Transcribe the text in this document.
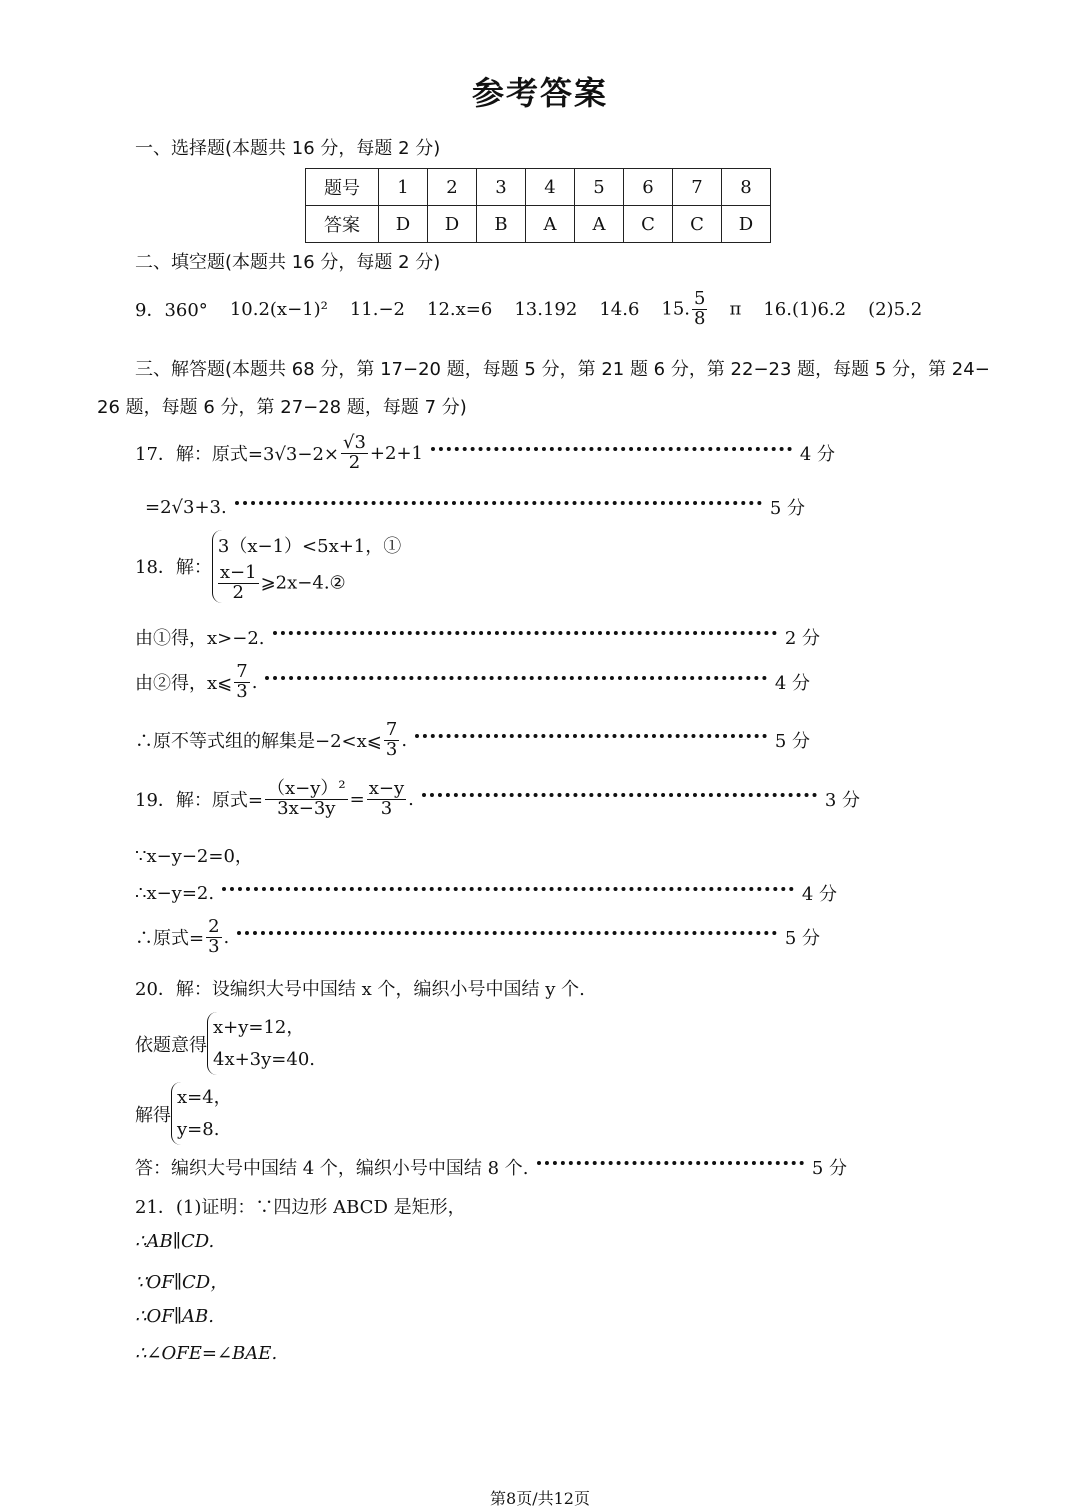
参考答案
一、选择题(本题共 16 分，每题 2 分)
题号	1	2	3	4	5	6	7	8
答案	D	D	B	A	A	C	C	D
二、填空题(本题共 16 分，每题 2 分)
9．360° 10.2(x−1)² 11.−2 12.x=6 13.192 14.6 15. $\frac{5}{8}$ π 16.(1)6.2 (2)5.2
三、解答题(本题共 68 分，第 17−20 题，每题 5 分，第 21 题 6 分，第 22−23 题，每题 5 分，第 24−
26 题，每题 6 分，第 27−28 题，每题 7 分)
17．解：原式$=3√3-2\times \frac{√3}{2} +2+1$	4 分
=2√3+3.	5 分
18．解：
3（x−1）<5x+1，①
$\frac{x-1}{2}$ ⩾2x−4.②
由①得，x>−2.	2 分
由②得，x⩽ $\frac{7}{3}$ .	4 分
∴原不等式组的解集是−2<x⩽ $\frac{7}{3}$ .	5 分
19．解：原式= $\frac{\text{（x−y）²}}{3x-3y} = \frac{x-y}{3}$ .	3 分
∵x−y−2=0，
∴x−y=2.	4 分
∴原式= $\frac{2}{3}$ .	5 分
20．解：设编织大号中国结 x 个，编织小号中国结 y 个.
依题意得
x+y=12，
4x+3y=40.
解得
x=4，
y=8.
答：编织大号中国结 4 个，编织小号中国结 8 个.	5 分
21．(1)证明：∵四边形 ABCD 是矩形，
∴AB∥CD.
∵OF∥CD，
∴OF∥AB.
∴∠OFE=∠BAE.
第8页/共12页
